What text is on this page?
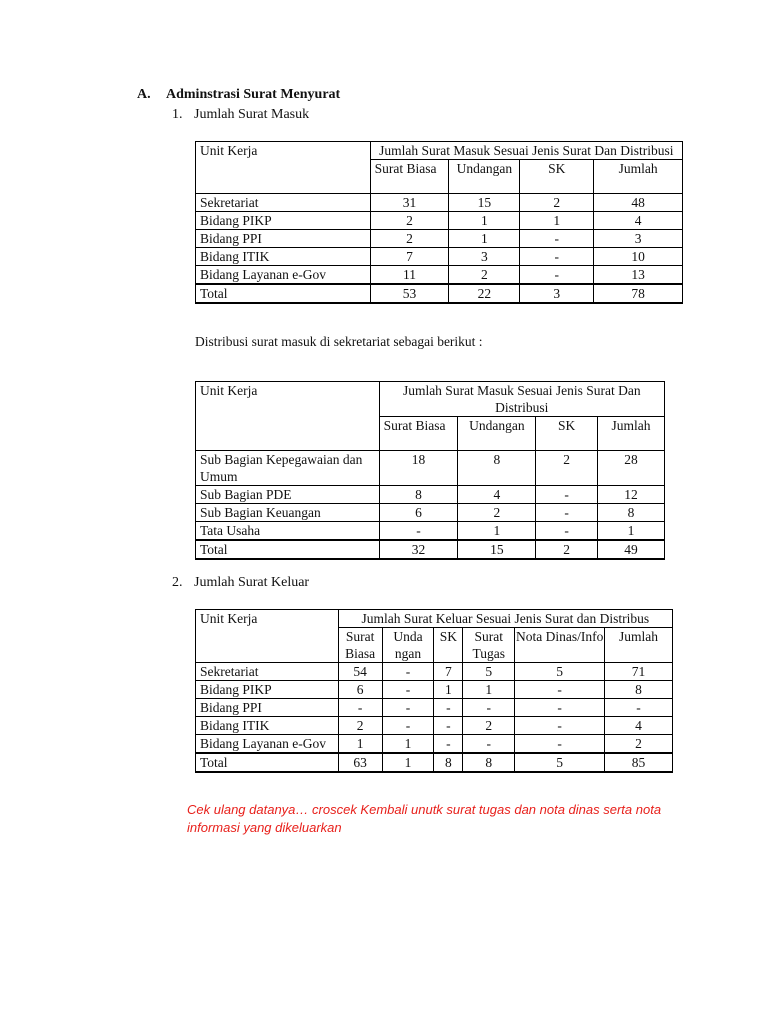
A. Adminstrasi Surat Menyurat
1. Jumlah Surat Masuk
Unit Kerja	Jumlah Surat Masuk Sesuai Jenis Surat Dan Distribusi			
	Surat Biasa	Undangan	SK	Jumlah
Sekretariat	31	15	2	48
Bidang PIKP	2	1	1	4
Bidang PPI	2	1	-	3
Bidang ITIK	7	3	-	10
Bidang Layanan e-Gov	11	2	-	13
Total	53	22	3	78
Distribusi surat masuk di sekretariat sebagai berikut :
Unit Kerja	Jumlah Surat Masuk Sesuai Jenis Surat Dan Distribusi			
	Surat Biasa	Undangan	SK	Jumlah
Sub Bagian Kepegawaian dan Umum	18	8	2	28
Sub Bagian PDE	8	4	-	12
Sub Bagian Keuangan	6	2	-	8
Tata Usaha	-	1	-	1
Total	32	15	2	49
2. Jumlah Surat Keluar
Unit Kerja	Jumlah Surat Keluar Sesuai Jenis Surat dan Distribus					
	Surat Biasa	Unda ngan	SK	Surat Tugas	Nota Dinas/Info	Jumlah
Sekretariat	54	-	7	5	5	71
Bidang PIKP	6	-	1	1	-	8
Bidang PPI	-	-	-	-	-	-
Bidang ITIK	2	-	-	2	-	4
Bidang Layanan e-Gov	1	1	-	-	-	2
Total	63	1	8	8	5	85
Cek ulang datanya… croscek Kembali unutk surat tugas dan nota dinas serta nota informasi yang dikeluarkan
